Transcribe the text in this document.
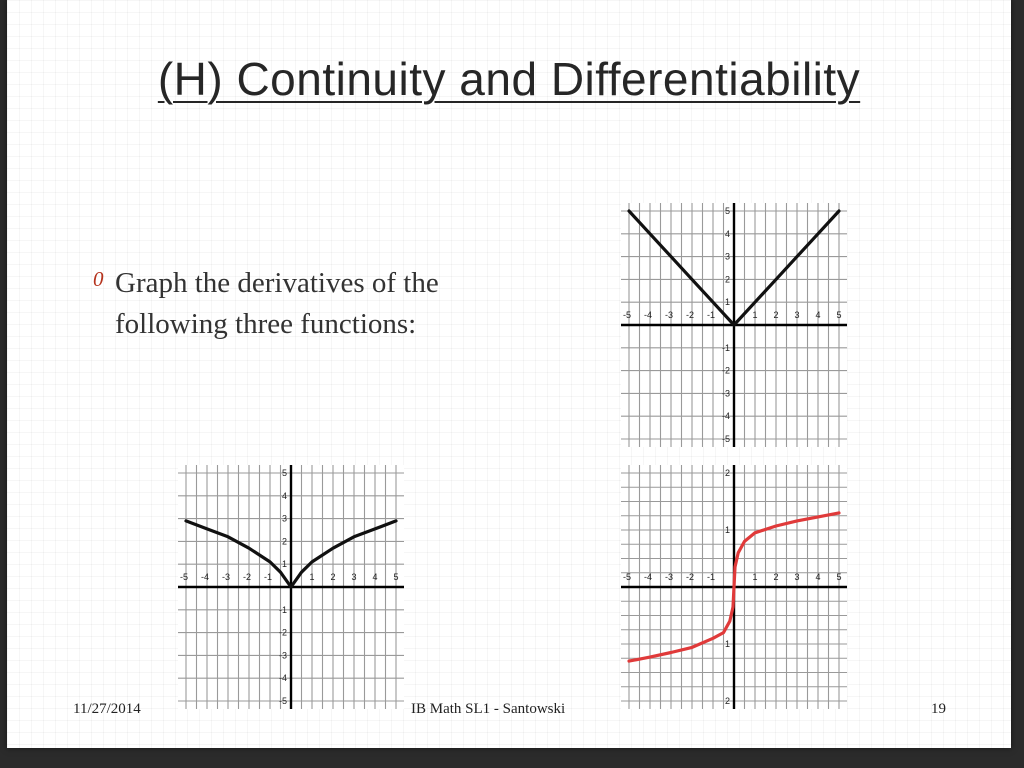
(H) Continuity and Differentiability
0 Graph the derivatives of the following three functions:	-5 -4 -3 -2 -1	1 2 3 4 5
5
4
3
2
1
-1
-2
-3
-4
-5
-5 -4 -3 -2 -1	1 2 3 4 5
5
4
3
2
1
-1
-2
-3
-4
-5
-5 -4 -3 -2 -1	1 2 3 4 5
2
1
1
2
11/27/2014	IB Math SL1 - Santowski	19
